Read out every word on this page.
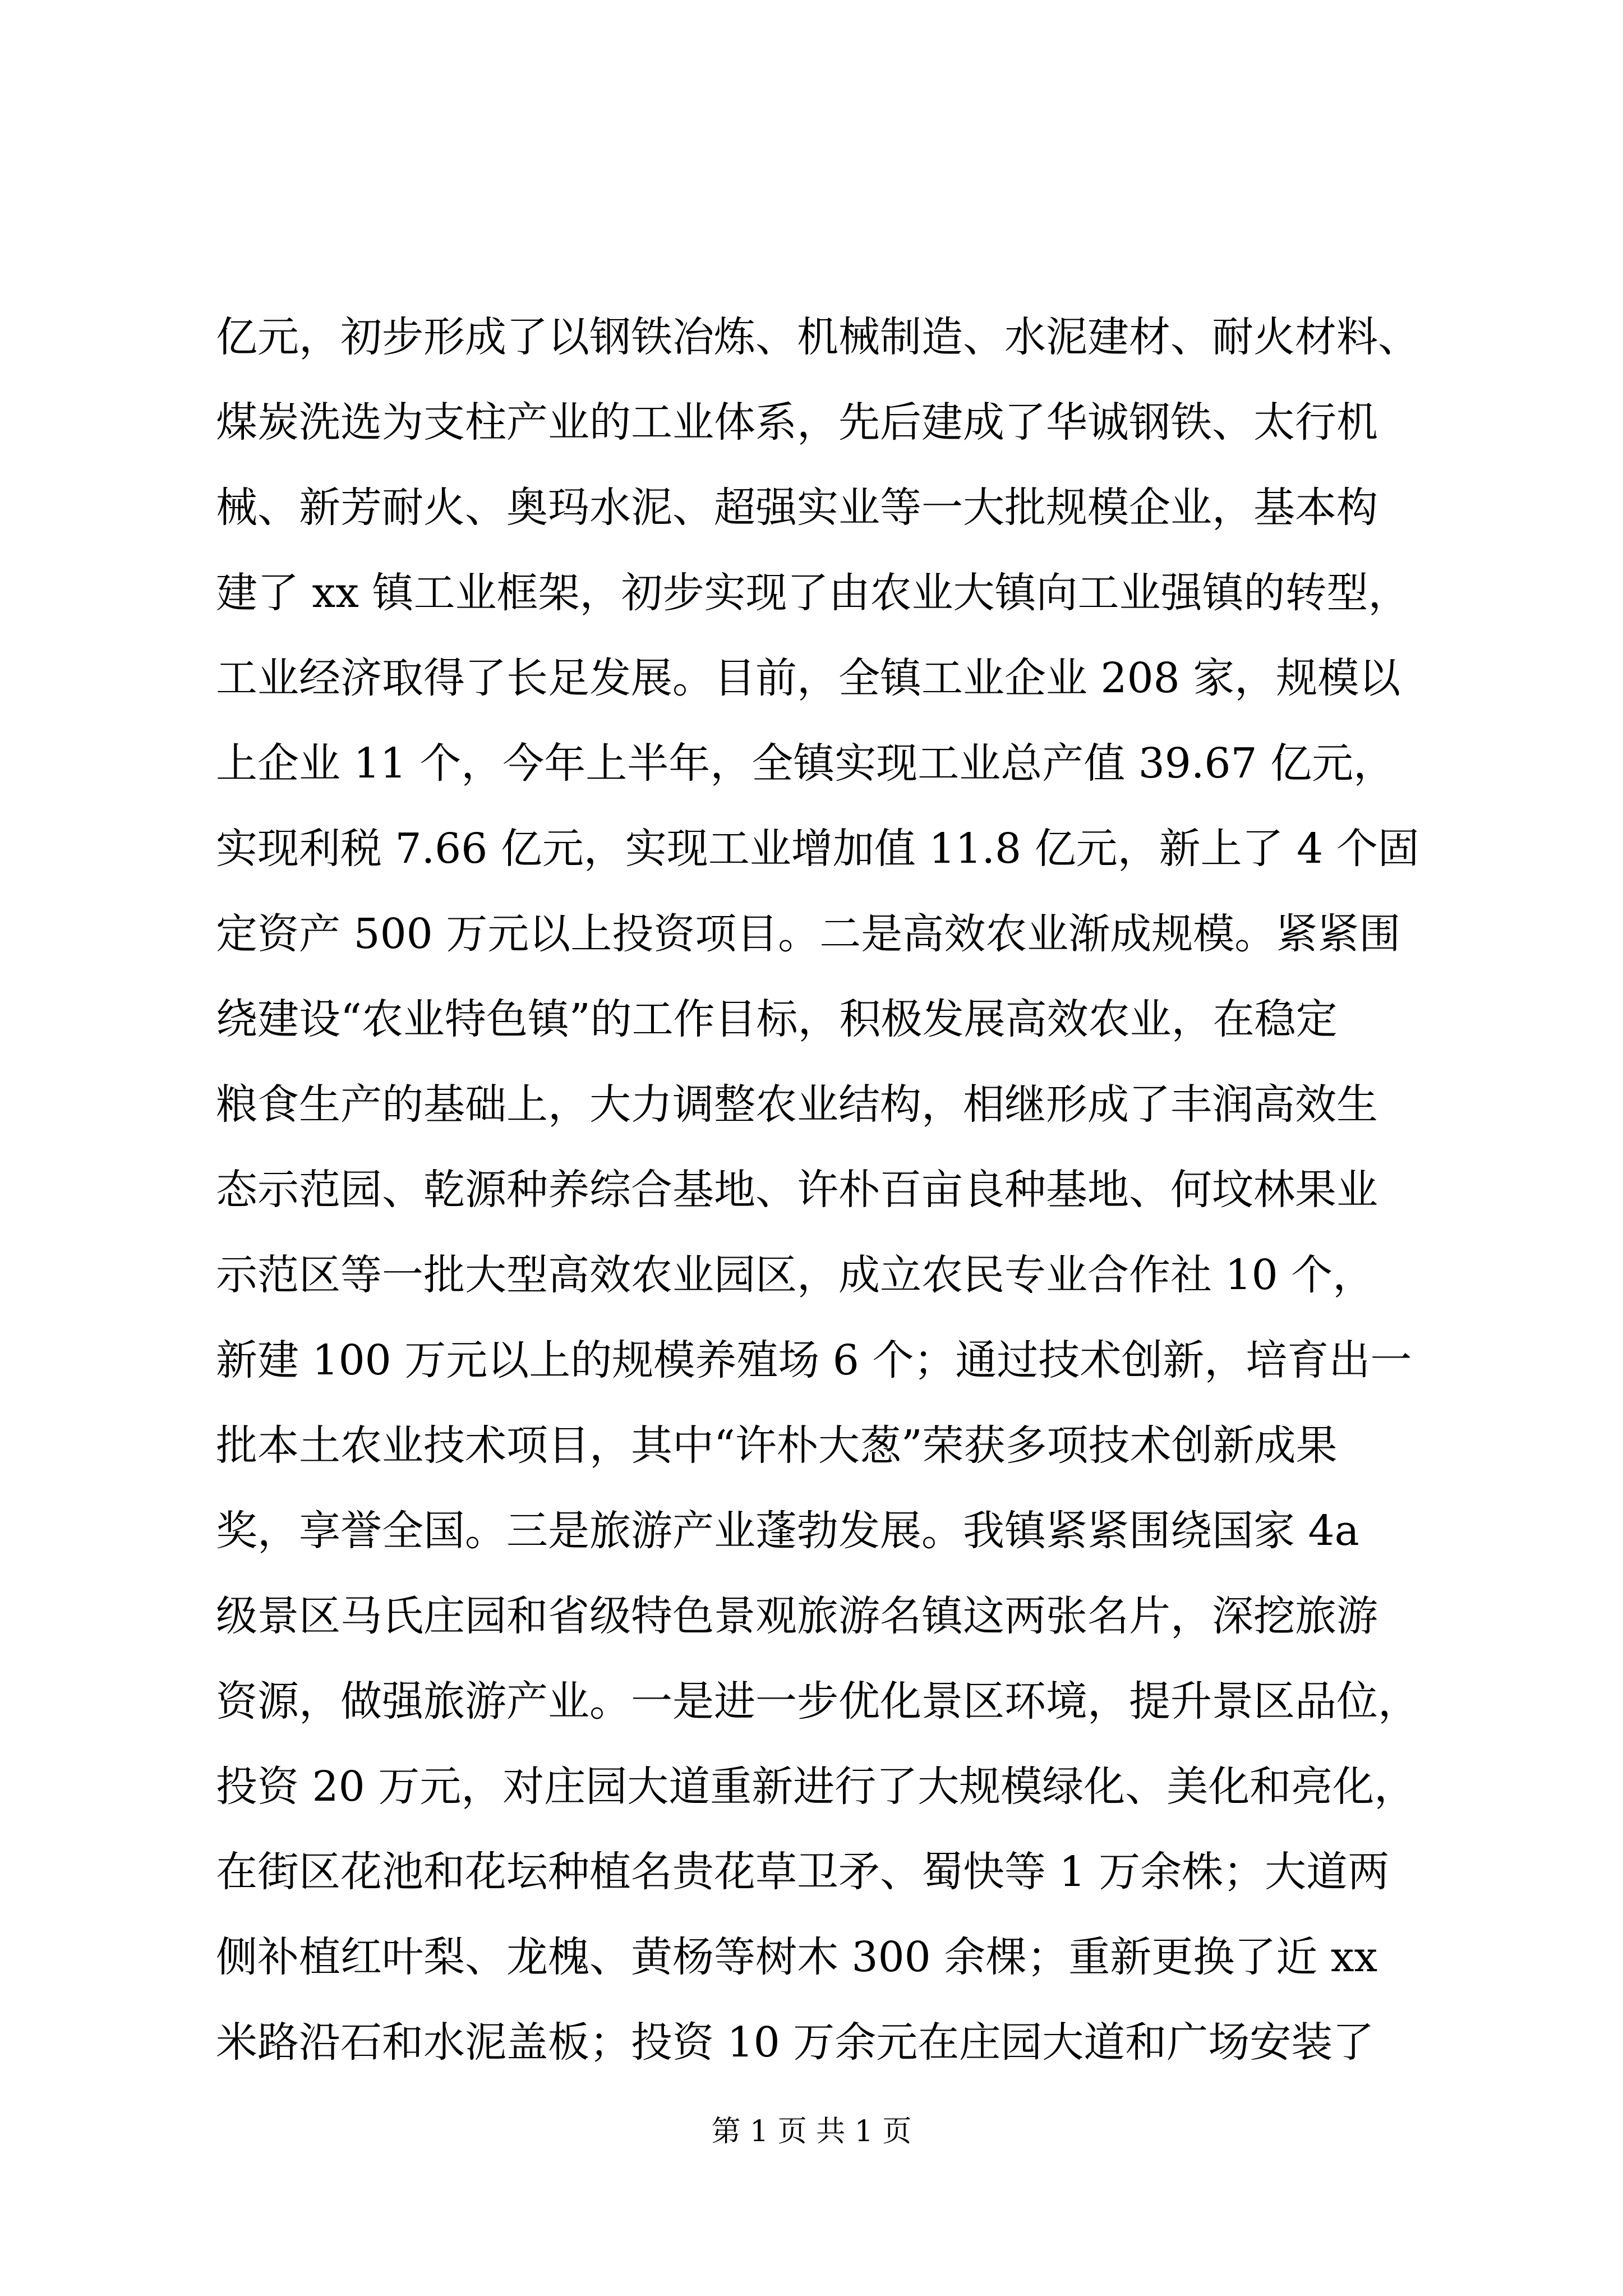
亿元，初步形成了以钢铁冶炼、机械制造、水泥建材、耐火材料、
煤炭洗选为支柱产业的工业体系，先后建成了华诚钢铁、太行机
械、新芳耐火、奥玛水泥、超强实业等一大批规模企业，基本构
建了 xx 镇工业框架，初步实现了由农业大镇向工业强镇的转型，
工业经济取得了长足发展。目前，全镇工业企业 208 家，规模以
上企业 11 个，今年上半年，全镇实现工业总产值 39.67 亿元，
实现利税 7.66 亿元，实现工业增加值 11.8 亿元，新上了 4 个固
定资产 500 万元以上投资项目。二是高效农业渐成规模。紧紧围
绕建设“农业特色镇”的工作目标，积极发展高效农业，在稳定
粮食生产的基础上，大力调整农业结构，相继形成了丰润高效生
态示范园、乾源种养综合基地、许朴百亩良种基地、何坟林果业
示范区等一批大型高效农业园区，成立农民专业合作社 10 个，
新建 100 万元以上的规模养殖场 6 个；通过技术创新，培育出一
批本土农业技术项目，其中“许朴大葱”荣获多项技术创新成果
奖，享誉全国。三是旅游产业蓬勃发展。我镇紧紧围绕国家 4a
级景区马氏庄园和省级特色景观旅游名镇这两张名片，深挖旅游
资源，做强旅游产业。一是进一步优化景区环境，提升景区品位，
投资 20 万元，对庄园大道重新进行了大规模绿化、美化和亮化，
在街区花池和花坛种植名贵花草卫矛、蜀快等 1 万余株；大道两
侧补植红叶梨、龙槐、黄杨等树木 300 余棵；重新更换了近 xx
米路沿石和水泥盖板；投资 10 万余元在庄园大道和广场安装了
第 1 页 共 1 页
